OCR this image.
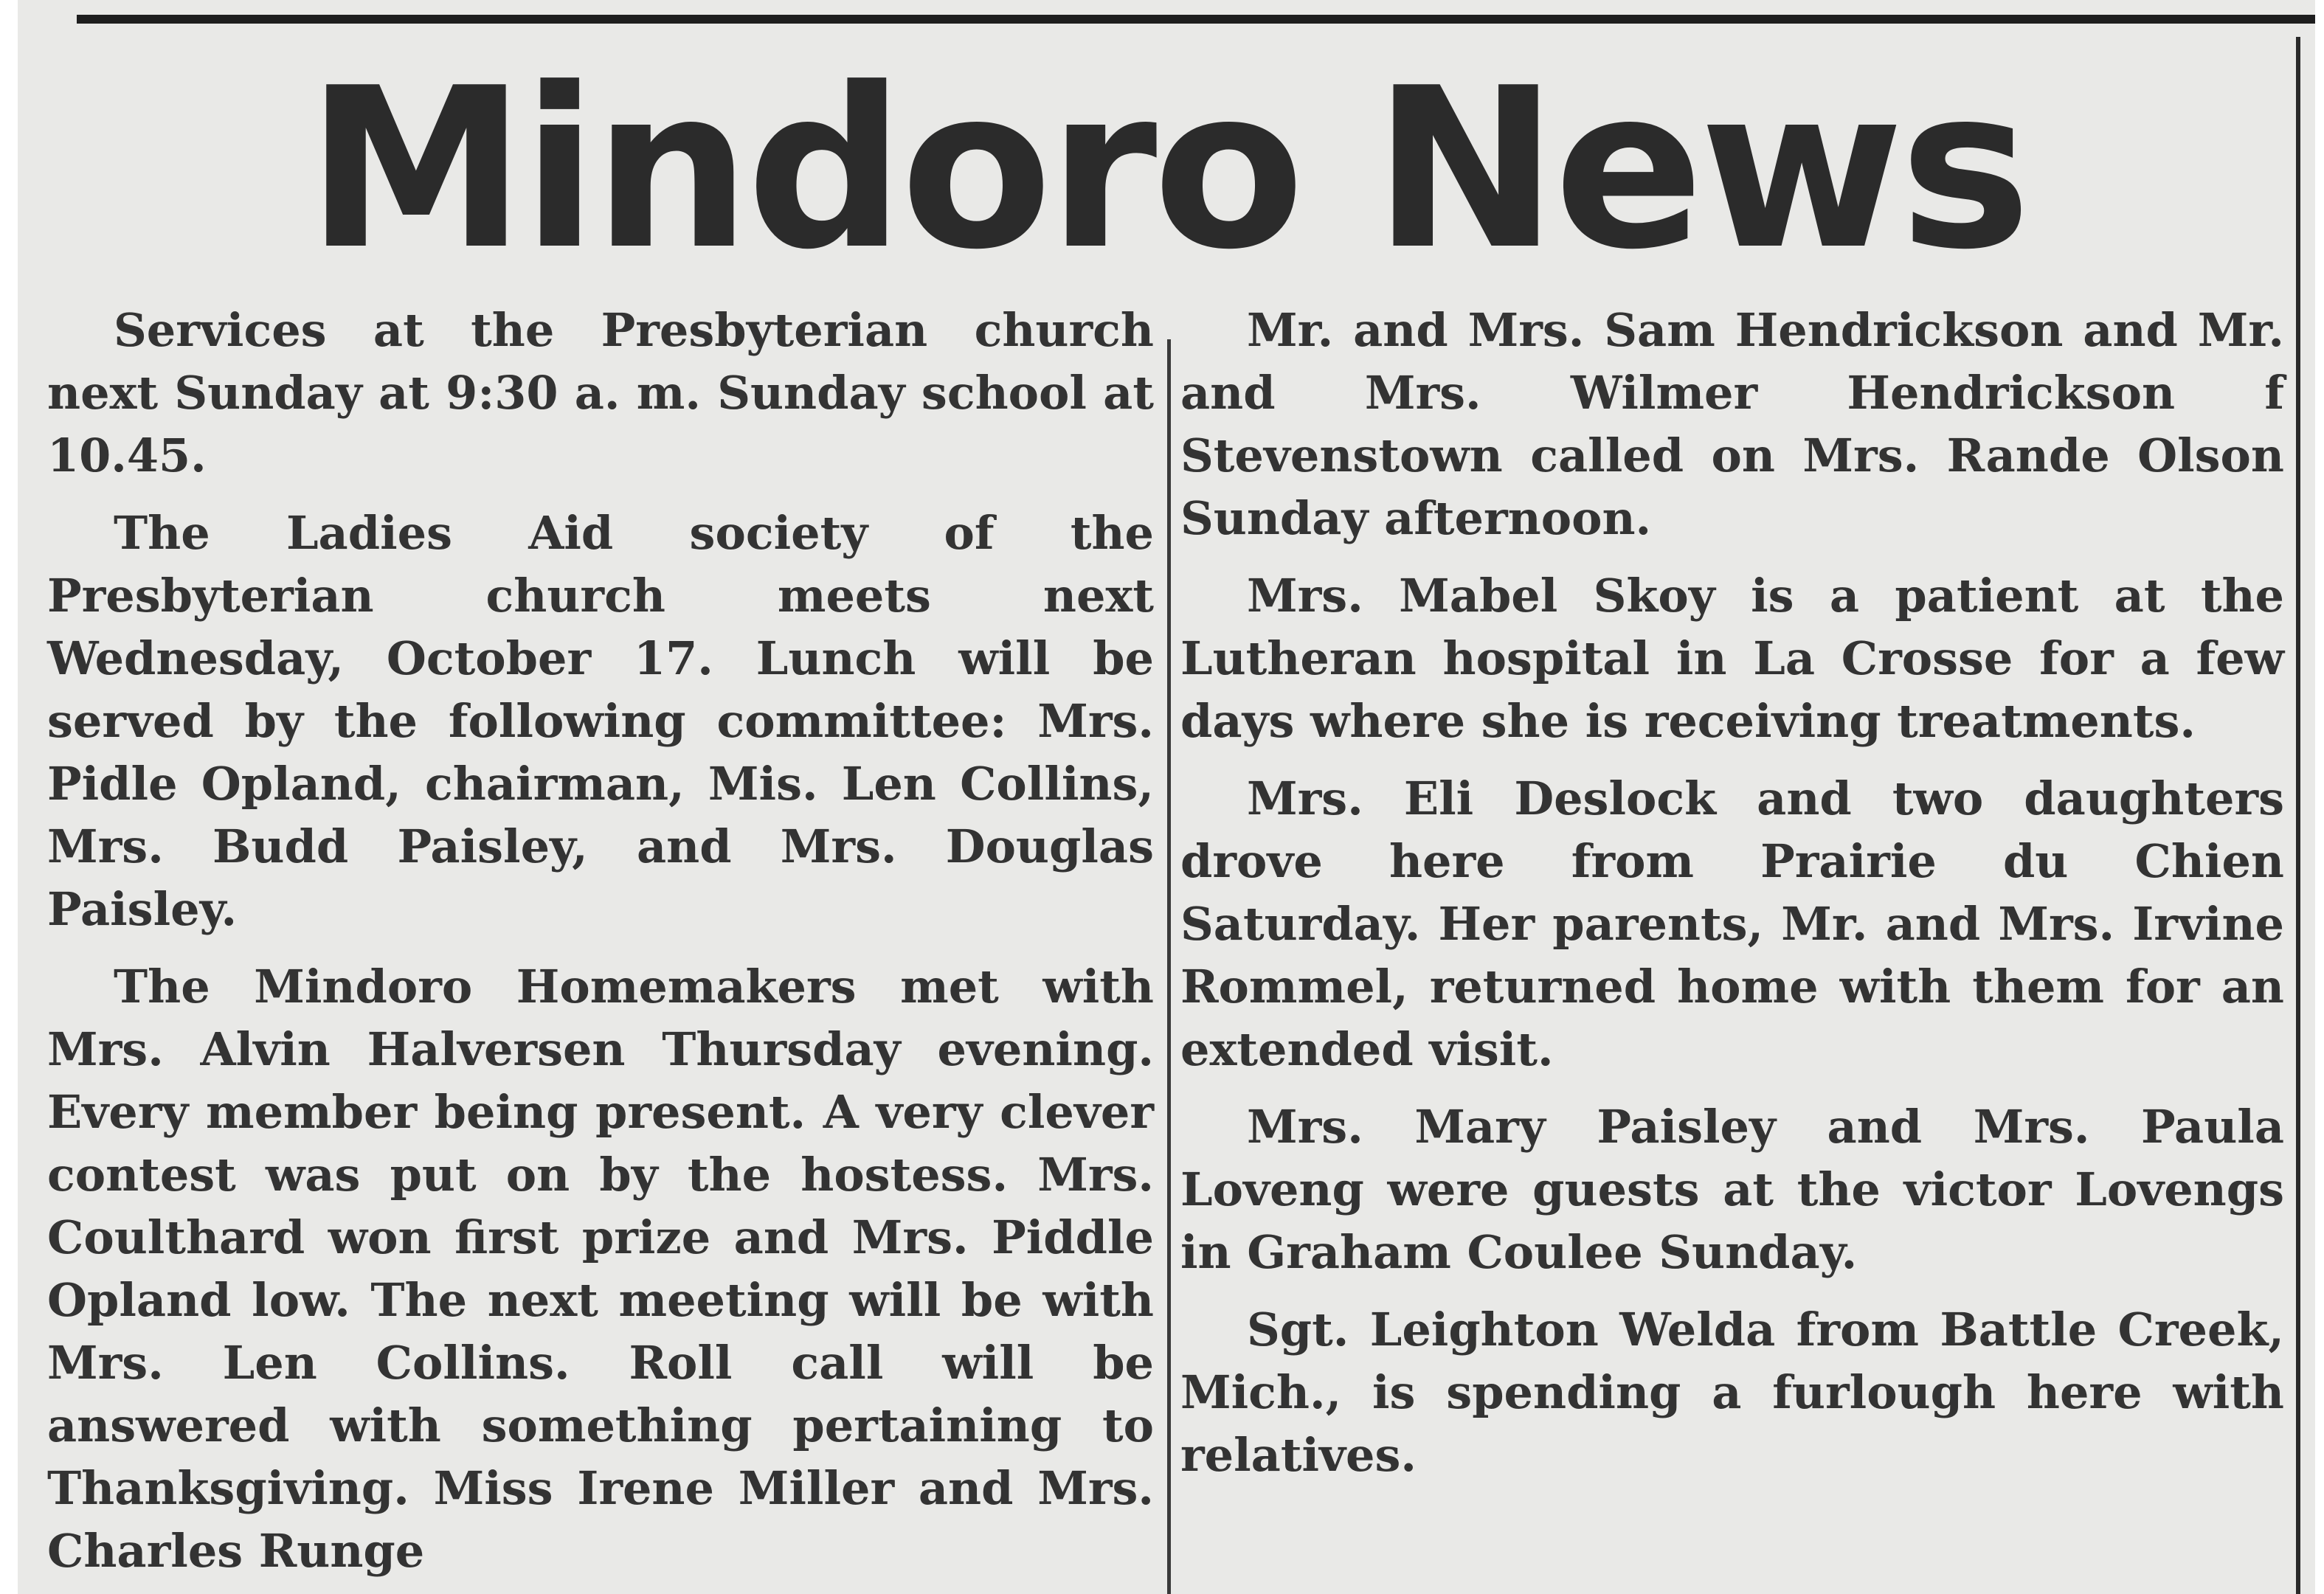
Mindoro News

Services at the Presbyterian church next Sunday at 9:30 a. m. Sunday school at 10.45.

The Ladies Aid society of the Presbyterian church meets next Wednesday, October 17. Lunch will be served by the following committee: Mrs. Pidle Opland, chairman, Mis. Len Collins, Mrs. Budd Paisley, and Mrs. Douglas Paisley.

The Mindoro Homemakers met with Mrs. Alvin Halversen Thursday evening. Every member being present. A very clever contest was put on by the hostess. Mrs. Coulthard won first prize and Mrs. Piddle Opland low. The next meeting will be with Mrs. Len Collins. Roll call will be answered with something pertaining to Thanksgiving. Miss Irene Miller and Mrs. Charles Runge

Mr. and Mrs. Sam Hendrickson and Mr. and Mrs. Wilmer Hendrickson f Stevenstown called on Mrs. Rande Olson Sunday afternoon.

Mrs. Mabel Skoy is a patient at the Lutheran hospital in La Crosse for a few days where she is receiving treatments.

Mrs. Eli Deslock and two daughters drove here from Prairie du Chien Saturday. Her parents, Mr. and Mrs. Irvine Rommel, returned home with them for an extended visit.

Mrs. Mary Paisley and Mrs. Paula Loveng were guests at the victor Lovengs in Graham Coulee Sunday.

Sgt. Leighton Welda from Battle Creek, Mich., is spending a furlough here with relatives.
